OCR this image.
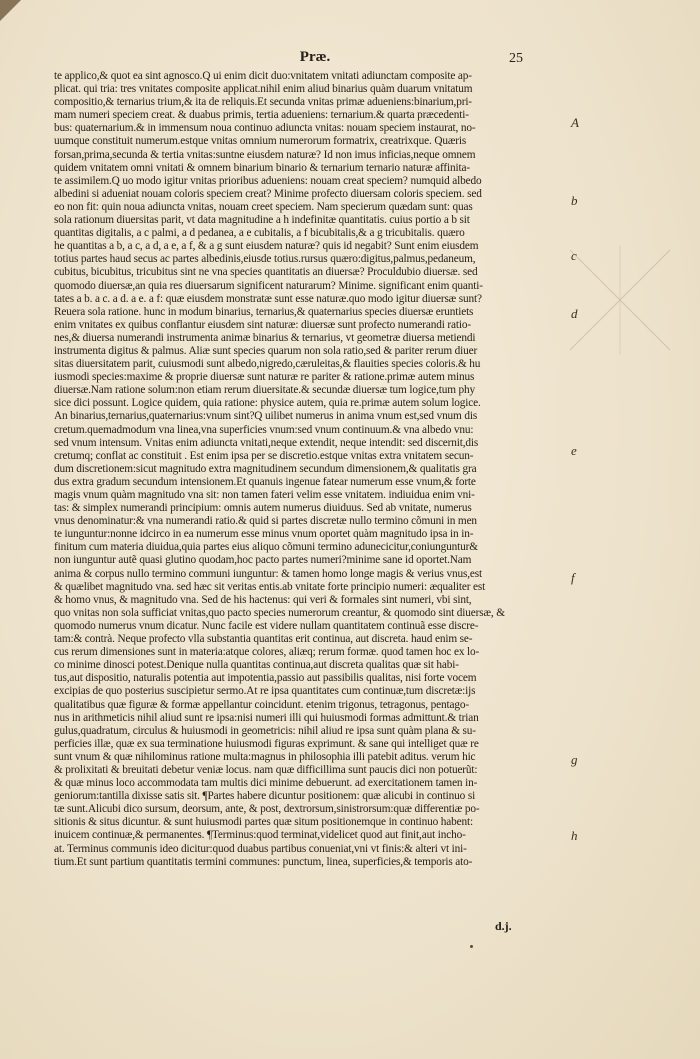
Præ.	25
te applico,& quot ea sint agnosco.Q ui enim dicit duo:vnitatem vnitati adiunctam composite ap-
plicat. qui tria: tres vnitates composite applicat.nihil enim aliud binarius quàm duarum vnitatum
compositio,& ternarius trium,& ita de reliquis.Et secunda vnitas primæ adueniens:binarium,pri-
mam numeri speciem creat. & duabus primis, tertia adueniens: ternarium.& quarta præcedenti-
bus: quaternarium.& in immensum noua continuo adiuncta vnitas: nouam speciem instaurat, no-
uumque constituit numerum.estque vnitas omnium numerorum formatrix, creatrixque. Quæris
forsan,prima,secunda & tertia vnitas:suntne eiusdem naturæ? Id non imus inficias,neque omnem
quidem vnitatem omni vnitati & omnem binarium binario & ternarium ternario naturæ affinita-
te assimilem.Q uo modo igitur vnitas prioribus adueniens: nouam creat speciem? numquid albedo
albedini si adueniat nouam coloris speciem creat? Minime profecto diuersam coloris speciem. sed
eo non fit: quin noua adiuncta vnitas, nouam creet speciem. Nam specierum quædam sunt: quas
sola rationum diuersitas parit, vt data magnitudine a h indefinitæ quantitatis. cuius portio a b sit
quantitas digitalis, a c palmi, a d pedanea, a e cubitalis, a f bicubitalis,& a g tricubitalis. quæro
he quantitas a b, a c, a d, a e, a f, & a g sunt eiusdem naturæ? quis id negabit? Sunt enim eiusdem
totius partes haud secus ac partes albedinis,eiusde totius.rursus quæro:digitus,palmus,pedaneum,
cubitus, bicubitus, tricubitus sint ne vna species quantitatis an diuersæ? Proculdubio diuersæ. sed
quomodo diuersæ,an quia res diuersarum significent naturarum? Minime. significant enim quanti-
tates a b. a c. a d. a e. a f: quæ eiusdem monstratæ sunt esse naturæ.quo modo igitur diuersæ sunt?
Reuera sola ratione. hunc in modum binarius, ternarius,& quaternarius species diuersæ eruntiets
enim vnitates ex quibus conflantur eiusdem sint naturæ: diuersæ sunt profecto numerandi ratio-
nes,& diuersa numerandi instrumenta animæ binarius & ternarius, vt geometræ diuersa metiendi
instrumenta digitus & palmus. Aliæ sunt species quarum non sola ratio,sed & pariter rerum diuer
sitas diuersitatem parit, cuiusmodi sunt albedo,nigredo,cæruleitas,& flauities species coloris.& hu
iusmodi species:maxime & proprie diuersæ sunt naturæ re pariter & ratione.primæ autem minus
diuersæ.Nam ratione solum:non etiam rerum diuersitate.& secundæ diuersæ tum logice,tum phy
sice dici possunt. Logice quidem, quia ratione: physice autem, quia re.primæ autem solum logice.
An binarius,ternarius,quaternarius:vnum sint?Q uilibet numerus in anima vnum est,sed vnum dis
cretum.quemadmodum vna linea,vna superficies vnum:sed vnum continuum.& vna albedo vnu:
sed vnum intensum. Vnitas enim adiuncta vnitati,neque extendit, neque intendit: sed discernit,dis
cretumq; conflat ac constituit . Est enim ipsa per se discretio.estque vnitas extra vnitatem secun-
dum discretionem:sicut magnitudo extra magnitudinem secundum dimensionem,& qualitatis gra
dus extra gradum secundum intensionem.Et quanuis ingenue fatear numerum esse vnum,& forte
magis vnum quàm magnitudo vna sit: non tamen fateri velim esse vnitatem. indiuidua enim vni-
tas: & simplex numerandi principium: omnis autem numerus diuiduus. Sed ab vnitate, numerus
vnus denominatur:& vna numerandi ratio.& quid si partes discretæ nullo termino cõmuni in men
te iunguntur:nonne idcirco in ea numerum esse minus vnum oportet quàm magnitudo ipsa in in-
finitum cum materia diuidua,quia partes eius aliquo cõmuni termino adunecicitur,coniunguntur&
non iunguntur autẽ quasi glutino quodam,hoc pacto partes numeri?minime sane id oportet.Nam
anima & corpus nullo termino communi iunguntur: & tamen homo longe magis & verius vnus,est
& quælibet magnitudo vna. sed hæc sit veritas entis.ab vnitate forte principio numeri: æqualiter est
& homo vnus, & magnitudo vna. Sed de his hactenus: qui veri & formales sint numeri, vbi sint,
quo vnitas non sola sufficiat vnitas,quo pacto species numerorum creantur, & quomodo sint diuersæ, &
quomodo numerus vnum dicatur. Nunc facile est videre nullam quantitatem continuã esse discre-
tam:& contrà. Neque profecto vlla substantia quantitas erit continua, aut discreta. haud enim se-
cus rerum dimensiones sunt in materia:atque colores, aliæq; rerum formæ. quod tamen hoc ex lo-
co minime dinosci potest.Denique nulla quantitas continua,aut discreta qualitas quæ sit habi-
tus,aut dispositio, naturalis potentia aut impotentia,passio aut passibilis qualitas, nisi forte vocem
excipias de quo posterius suscipietur sermo.At re ipsa quantitates cum continuæ,tum discretæ:ijs
qualitatibus quæ figuræ & formæ appellantur coincidunt. etenim trigonus, tetragonus, pentago-
nus in arithmeticis nihil aliud sunt re ipsa:nisi numeri illi qui huiusmodi formas admittunt.& trian
gulus,quadratum, circulus & huiusmodi in geometricis: nihil aliud re ipsa sunt quàm plana & su-
perficies illæ, quæ ex sua terminatione huiusmodi figuras exprimunt. & sane qui intelliget quæ re
sunt vnum & quæ nihilominus ratione multa:magnus in philosophia illi patebit aditus. verum hic
& prolixitati & breuitati debetur veniæ locus. nam quæ difficillima sunt paucis dici non potuerũt:
& quæ minus loco accommodata tam multis dici minime debuerunt. ad exercitationem tamen in-
geniorum:tantilla dixisse satis sit. ¶Partes habere dicuntur positionem: quæ alicubi in continuo si
tæ sunt.Alicubi dico sursum, deorsum, ante, & post, dextrorsum,sinistrorsum:quæ differentiæ po-
sitionis & situs dicuntur. & sunt huiusmodi partes quæ situm positionemque in continuo habent:
inuicem continuæ,& permanentes. ¶Terminus:quod terminat,videlicet quod aut finit,aut incho-
at. Terminus communis ideo dicitur:quod duabus partibus conueniat,vni vt finis:& alteri vt ini-
tium.Et sunt partium quantitatis termini communes: punctum, linea, superficies,& temporis ato-
A
b
c
d
e
f
g
h
d.j.
